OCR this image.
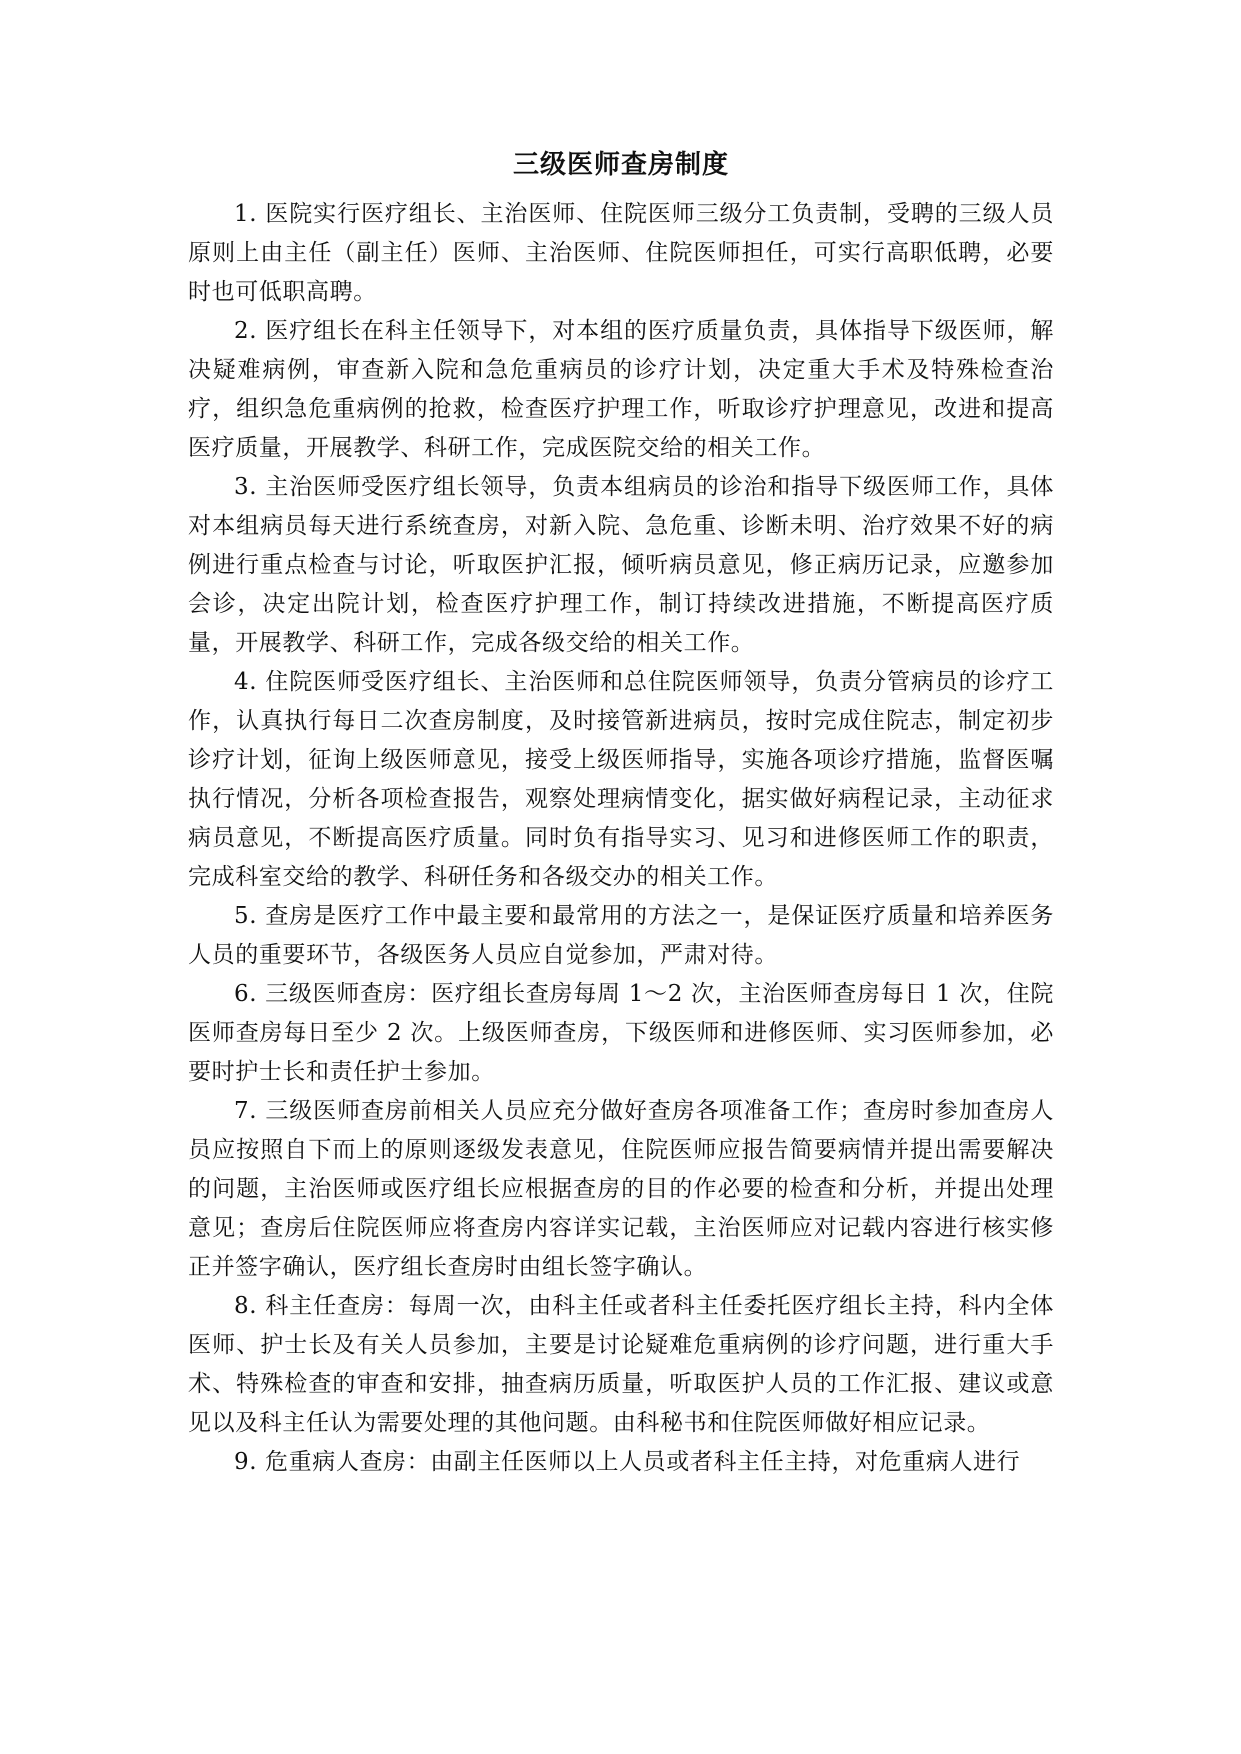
三级医师查房制度

1. 医院实行医疗组长、主治医师、住院医师三级分工负责制，受聘的三级人员原则上由主任（副主任）医师、主治医师、住院医师担任，可实行高职低聘，必要时也可低职高聘。

2. 医疗组长在科主任领导下，对本组的医疗质量负责，具体指导下级医师，解决疑难病例，审查新入院和急危重病员的诊疗计划，决定重大手术及特殊检查治疗，组织急危重病例的抢救，检查医疗护理工作，听取诊疗护理意见，改进和提高医疗质量，开展教学、科研工作，完成医院交给的相关工作。

3. 主治医师受医疗组长领导，负责本组病员的诊治和指导下级医师工作，具体对本组病员每天进行系统查房，对新入院、急危重、诊断未明、治疗效果不好的病例进行重点检查与讨论，听取医护汇报，倾听病员意见，修正病历记录，应邀参加会诊，决定出院计划，检查医疗护理工作，制订持续改进措施，不断提高医疗质量，开展教学、科研工作，完成各级交给的相关工作。

4. 住院医师受医疗组长、主治医师和总住院医师领导，负责分管病员的诊疗工作，认真执行每日二次查房制度，及时接管新进病员，按时完成住院志，制定初步诊疗计划，征询上级医师意见，接受上级医师指导，实施各项诊疗措施，监督医嘱执行情况，分析各项检查报告，观察处理病情变化，据实做好病程记录，主动征求病员意见，不断提高医疗质量。同时负有指导实习、见习和进修医师工作的职责，完成科室交给的教学、科研任务和各级交办的相关工作。

5. 查房是医疗工作中最主要和最常用的方法之一，是保证医疗质量和培养医务人员的重要环节，各级医务人员应自觉参加，严肃对待。

6. 三级医师查房：医疗组长查房每周 1～2 次，主治医师查房每日 1 次，住院医师查房每日至少 2 次。上级医师查房，下级医师和进修医师、实习医师参加，必要时护士长和责任护士参加。

7. 三级医师查房前相关人员应充分做好查房各项准备工作；查房时参加查房人员应按照自下而上的原则逐级发表意见，住院医师应报告简要病情并提出需要解决的问题，主治医师或医疗组长应根据查房的目的作必要的检查和分析，并提出处理意见；查房后住院医师应将查房内容详实记载，主治医师应对记载内容进行核实修正并签字确认，医疗组长查房时由组长签字确认。

8. 科主任查房：每周一次，由科主任或者科主任委托医疗组长主持，科内全体医师、护士长及有关人员参加，主要是讨论疑难危重病例的诊疗问题，进行重大手术、特殊检查的审查和安排，抽查病历质量，听取医护人员的工作汇报、建议或意见以及科主任认为需要处理的其他问题。由科秘书和住院医师做好相应记录。

9. 危重病人查房：由副主任医师以上人员或者科主任主持，对危重病人进行
